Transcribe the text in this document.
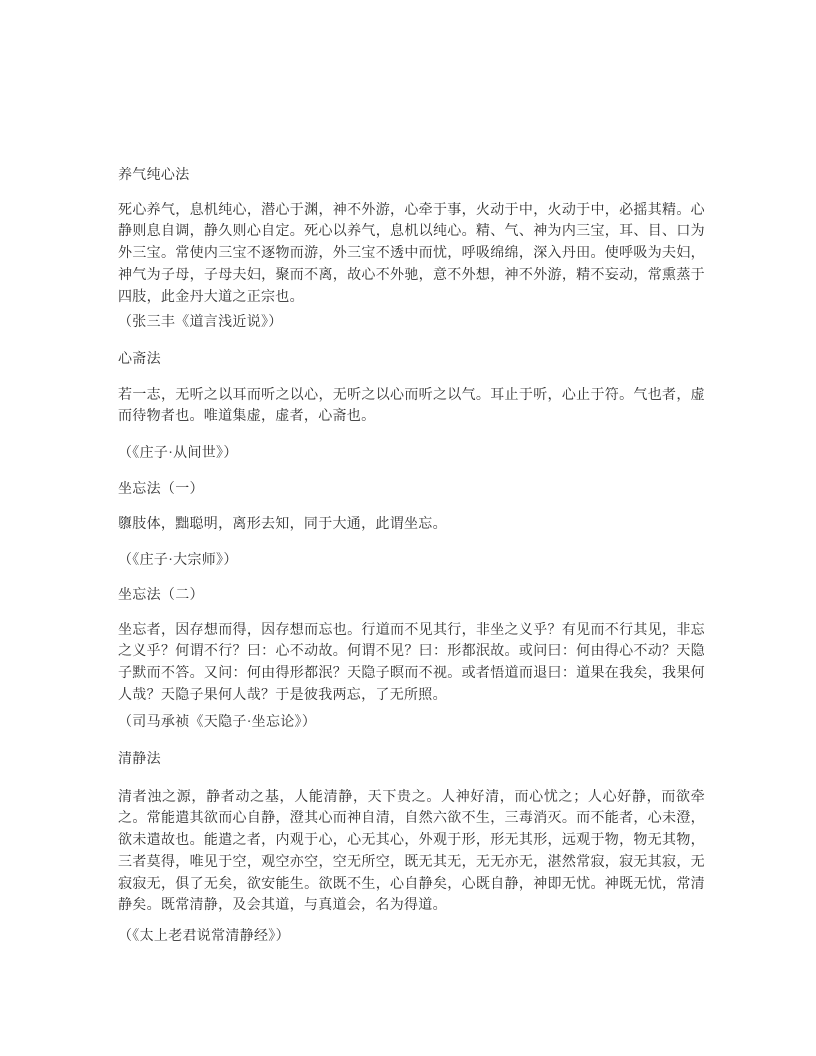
养气纯心法

死心养气，息机纯心，潜心于渊，神不外游，心牵于事，火动于中，火动于中，必摇其精。心静则息自调，静久则心自定。死心以养气，息机以纯心。精、气、神为内三宝，耳、目、口为外三宝。常使内三宝不逐物而游，外三宝不透中而忧，呼吸绵绵，深入丹田。使呼吸为夫妇，神气为子母，子母夫妇，聚而不离，故心不外驰，意不外想，神不外游，精不妄动，常熏蒸于四肢，此金丹大道之正宗也。

（张三丰《道言浅近说》）

心斋法

若一志，无听之以耳而听之以心，无听之以心而听之以气。耳止于听，心止于符。气也者，虚而待物者也。唯道集虚，虚者，心斋也。

（《庄子·从间世》）

坐忘法（一）

隳肢体，黜聪明，离形去知，同于大通，此谓坐忘。

（《庄子·大宗师》）

坐忘法（二）

坐忘者，因存想而得，因存想而忘也。行道而不见其行，非坐之义乎？有见而不行其见，非忘之义乎？何谓不行？曰：心不动故。何谓不见？曰：形都泯故。或问曰：何由得心不动？天隐子默而不答。又问：何由得形都泯？天隐子瞑而不视。或者悟道而退曰：道果在我矣，我果何人哉？天隐子果何人哉？于是彼我两忘，了无所照。

（司马承祯《天隐子·坐忘论》）

清静法

清者浊之源，静者动之基，人能清静，天下贵之。人神好清，而心忧之；人心好静，而欲牵之。常能遣其欲而心自静，澄其心而神自清，自然六欲不生，三毒消灭。而不能者，心未澄，欲未遣故也。能遣之者，内观于心，心无其心，外观于形，形无其形，远观于物，物无其物，三者莫得，唯见于空，观空亦空，空无所空，既无其无，无无亦无，湛然常寂，寂无其寂，无寂寂无，俱了无矣，欲安能生。欲既不生，心自静矣，心既自静，神即无忧。神既无忧，常清静矣。既常清静，及会其道，与真道会，名为得道。

（《太上老君说常清静经》）
